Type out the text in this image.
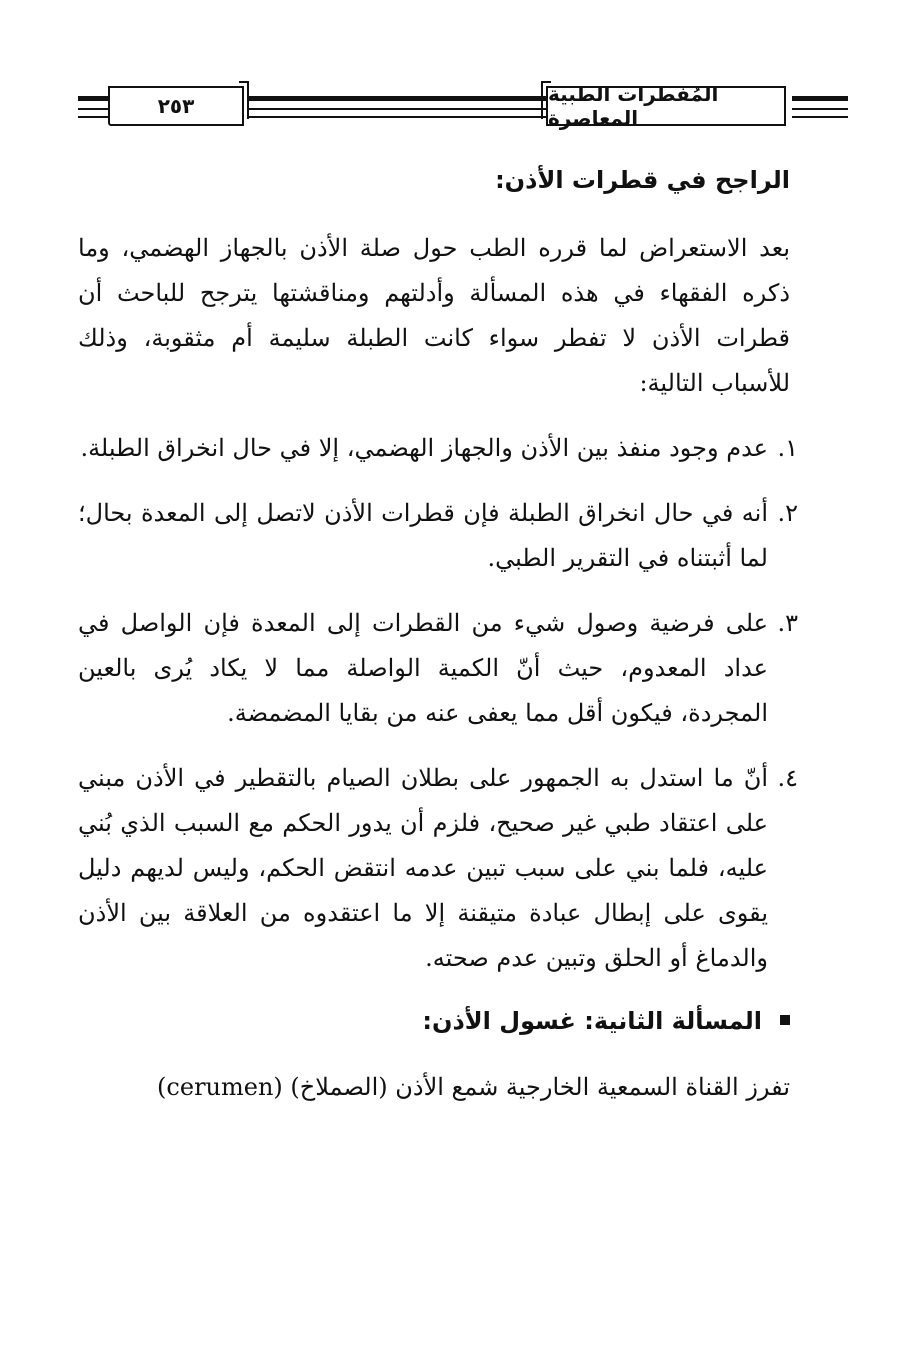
٢٥٣	المُفطرات الطبية المعاصرة
الراجح في قطرات الأذن:

بعد الاستعراض لما قرره الطب حول صلة الأذن بالجهاز الهضمي، وما ذكره الفقهاء في هذه المسألة وأدلتهم ومناقشتها يترجح للباحث أن قطرات الأذن لا تفطر سواء كانت الطبلة سليمة أم مثقوبة، وذلك للأسباب التالية:

١.
عدم وجود منفذ بين الأذن والجهاز الهضمي، إلا في حال انخراق الطبلة.
٢.
أنه في حال انخراق الطبلة فإن قطرات الأذن لاتصل إلى المعدة بحال؛ لما أثبتناه في التقرير الطبي.
٣.
على فرضية وصول شيء من القطرات إلى المعدة فإن الواصل في عداد المعدوم، حيث أنّ الكمية الواصلة مما لا يكاد يُرى بالعين المجردة، فيكون أقل مما يعفى عنه من بقايا المضمضة.
٤.
أنّ ما استدل به الجمهور على بطلان الصيام بالتقطير في الأذن مبني على اعتقاد طبي غير صحيح، فلزم أن يدور الحكم مع السبب الذي بُني عليه، فلما بني على سبب تبين عدمه انتقض الحكم، وليس لديهم دليل يقوى على إبطال عبادة متيقنة إلا ما اعتقدوه من العلاقة بين الأذن والدماغ أو الحلق وتبين عدم صحته.
المسألة الثانية: غسول الأذن:

تفرز القناة السمعية الخارجية شمع الأذن (الصملاخ) (cerumen)
